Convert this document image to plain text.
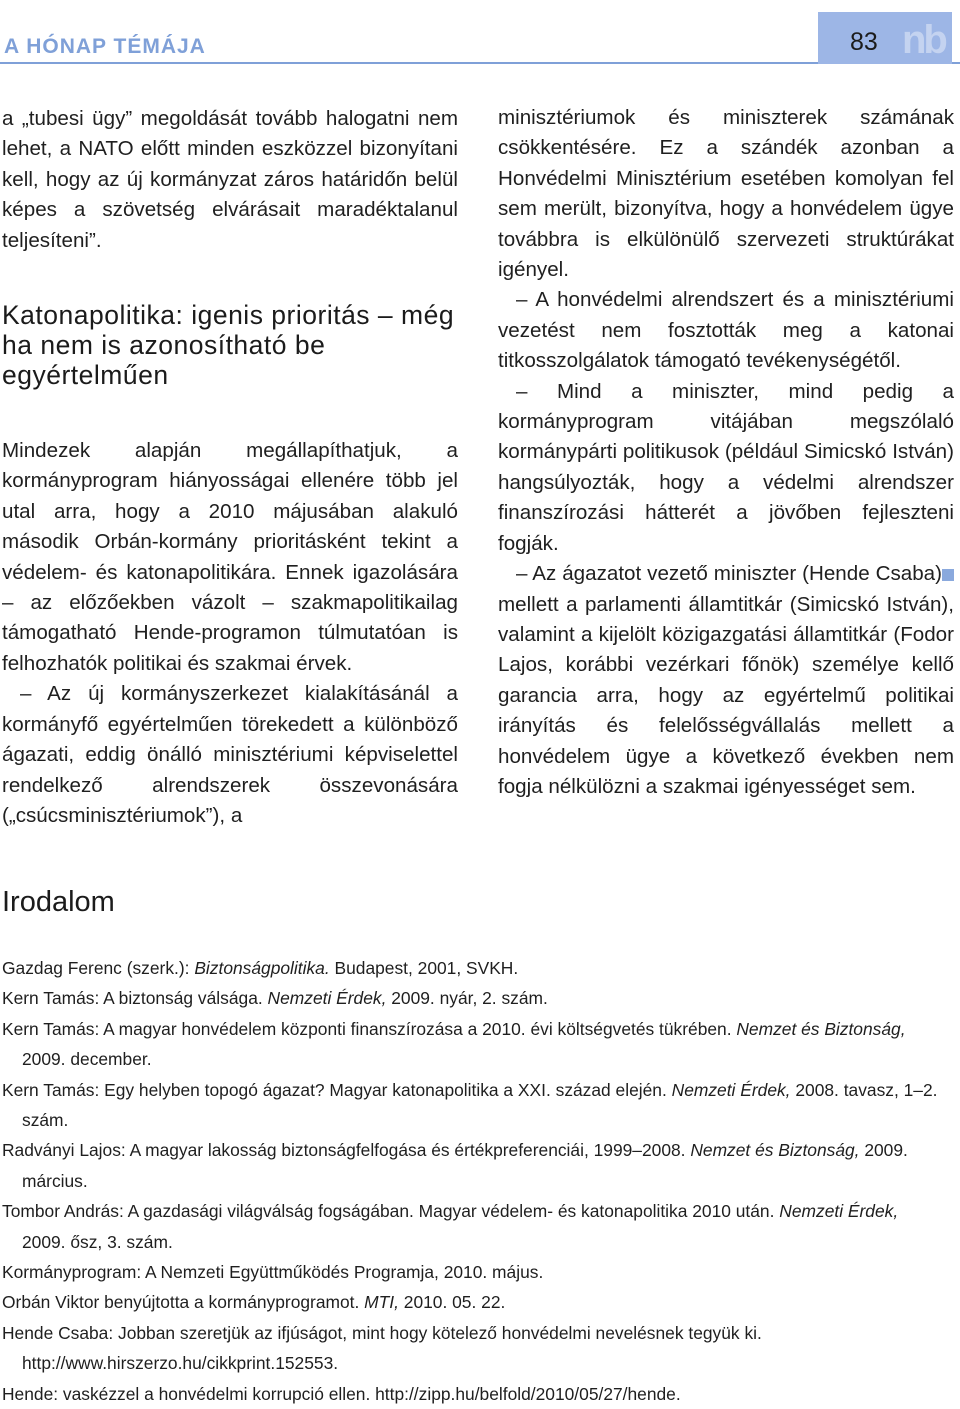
A HÓNAP TÉMÁJA	83 nb

a „tubesi ügy” megoldását tovább halogatni nem lehet, a NATO előtt minden eszközzel bizonyítani kell, hogy az új kormányzat záros határidőn belül képes a szövetség elvárásait maradéktalanul teljesíteni”.

Katonapolitika: igenis prioritás – még ha nem is azonosítható be egyértelműen

Mindezek alapján megállapíthatjuk, a kormányprogram hiányosságai ellenére több jel utal arra, hogy a 2010 májusában alakuló második Orbán-kormány prioritásként tekint a védelem- és katonapolitikára. Ennek igazolására – az előzőekben vázolt – szakmapolitikailag támogatható Hende-programon túlmutatóan is felhozhatók politikai és szakmai érvek.

– Az új kormányszerkezet kialakításánál a kormányfő egyértelműen törekedett a különböző ágazati, eddig önálló minisztériumi képviselettel rendelkező alrendszerek összevonására („csúcsminisztériumok”), a

minisztériumok és miniszterek számának csökkentésére. Ez a szándék azonban a Honvédelmi Minisztérium esetében komolyan fel sem merült, bizonyítva, hogy a honvédelem ügye továbbra is elkülönülő szervezeti struktúrákat igényel.

– A honvédelmi alrendszert és a minisztériumi vezetést nem fosztották meg a katonai titkosszolgálatok támogató tevékenységétől.

– Mind a miniszter, mind pedig a kormányprogram vitájában megszólaló kormánypárti politikusok (például Simicskó István) hangsúlyozták, hogy a védelmi alrendszer finanszírozási hátterét a jövőben fejleszteni fogják.

– Az ágazatot vezető miniszter (Hende Csaba) mellett a parlamenti államtitkár (Simicskó István), valamint a kijelölt közigazgatási államtitkár (Fodor Lajos, korábbi vezérkari főnök) személye kellő garancia arra, hogy az egyértelmű politikai irányítás és felelősségvállalás mellett a honvédelem ügye a következő években nem fogja nélkülözni a szakmai igényességet sem.

Irodalom
Gazdag Ferenc (szerk.): Biztonságpolitika. Budapest, 2001, SVKH.
Kern Tamás: A biztonság válsága. Nemzeti Érdek, 2009. nyár, 2. szám.
Kern Tamás: A magyar honvédelem központi finanszírozása a 2010. évi költségvetés tükrében. Nemzet és Biztonság, 2009. december.
Kern Tamás: Egy helyben topogó ágazat? Magyar katonapolitika a XXI. század elején. Nemzeti Érdek, 2008. tavasz, 1–2. szám.
Radványi Lajos: A magyar lakosság biztonságfelfogása és értékpreferenciái, 1999–2008. Nemzet és Biztonság, 2009. március.
Tombor András: A gazdasági világválság fogságában. Magyar védelem- és katonapolitika 2010 után. Nemzeti Érdek, 2009. ősz, 3. szám.
Kormányprogram: A Nemzeti Együttműködés Programja, 2010. május.
Orbán Viktor benyújtotta a kormányprogramot. MTI, 2010. 05. 22.
Hende Csaba: Jobban szeretjük az ifjúságot, mint hogy kötelező honvédelmi nevelésnek tegyük ki. http://www.hirszerzo.hu/cikkprint.152553.
Hende: vaskézzel a honvédelmi korrupció ellen. http://zipp.hu/belfold/2010/05/27/hende.
